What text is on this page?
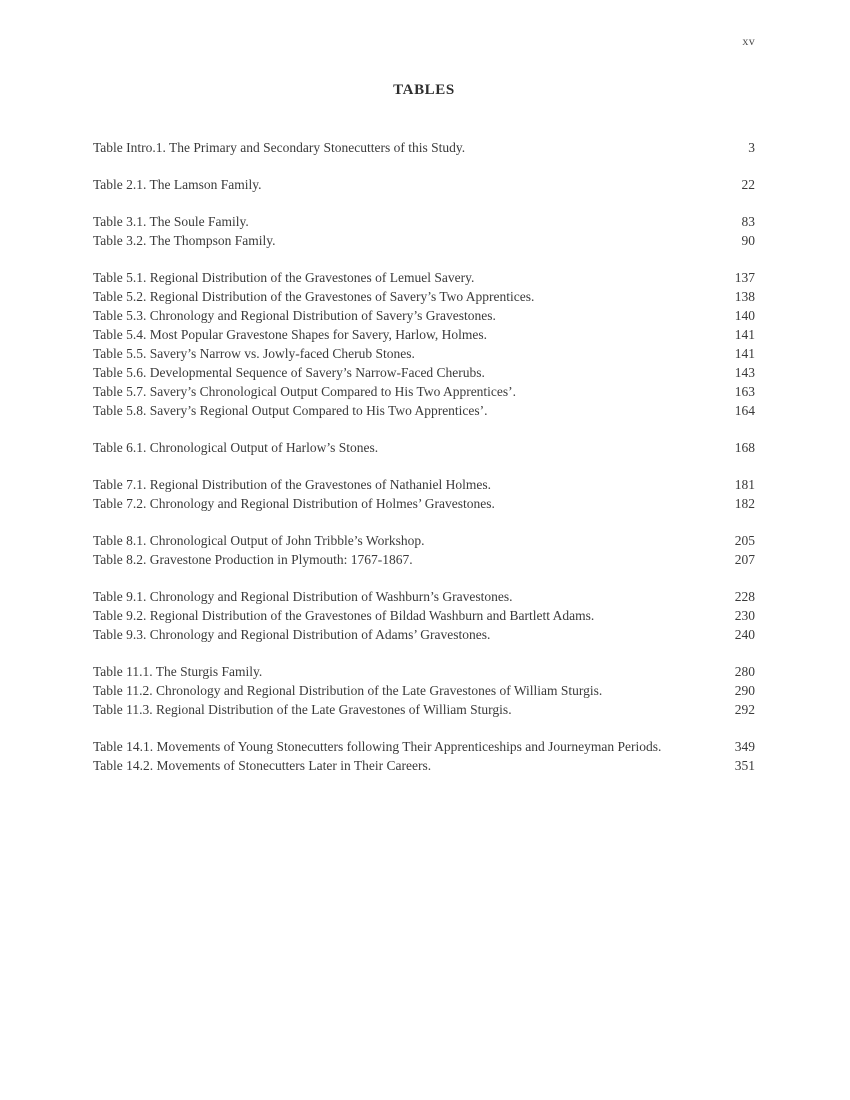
xv
TABLES
Table Intro.1. The Primary and Secondary Stonecutters of this Study.	3
Table 2.1. The Lamson Family.	22
Table 3.1. The Soule Family.	83
Table 3.2. The Thompson Family.	90
Table 5.1. Regional Distribution of the Gravestones of Lemuel Savery.	137
Table 5.2. Regional Distribution of the Gravestones of Savery’s Two Apprentices.	138
Table 5.3. Chronology and Regional Distribution of Savery’s Gravestones.	140
Table 5.4. Most Popular Gravestone Shapes for Savery, Harlow, Holmes.	141
Table 5.5. Savery’s Narrow vs. Jowly-faced Cherub Stones.	141
Table 5.6. Developmental Sequence of Savery’s Narrow-Faced Cherubs.	143
Table 5.7. Savery’s Chronological Output Compared to His Two Apprentices’.	163
Table 5.8. Savery’s Regional Output Compared to His Two Apprentices’.	164
Table 6.1. Chronological Output of Harlow’s Stones.	168
Table 7.1. Regional Distribution of the Gravestones of Nathaniel Holmes.	181
Table 7.2. Chronology and Regional Distribution of Holmes’ Gravestones.	182
Table 8.1. Chronological Output of John Tribble’s Workshop.	205
Table 8.2. Gravestone Production in Plymouth: 1767-1867.	207
Table 9.1. Chronology and Regional Distribution of Washburn’s Gravestones.	228
Table 9.2. Regional Distribution of the Gravestones of Bildad Washburn and Bartlett Adams.	230
Table 9.3. Chronology and Regional Distribution of Adams’ Gravestones.	240
Table 11.1. The Sturgis Family.	280
Table 11.2. Chronology and Regional Distribution of the Late Gravestones of William Sturgis.	290
Table 11.3. Regional Distribution of the Late Gravestones of William Sturgis.	292
Table 14.1. Movements of Young Stonecutters following Their Apprenticeships and Journeyman Periods.	349
Table 14.2. Movements of Stonecutters Later in Their Careers.	351
